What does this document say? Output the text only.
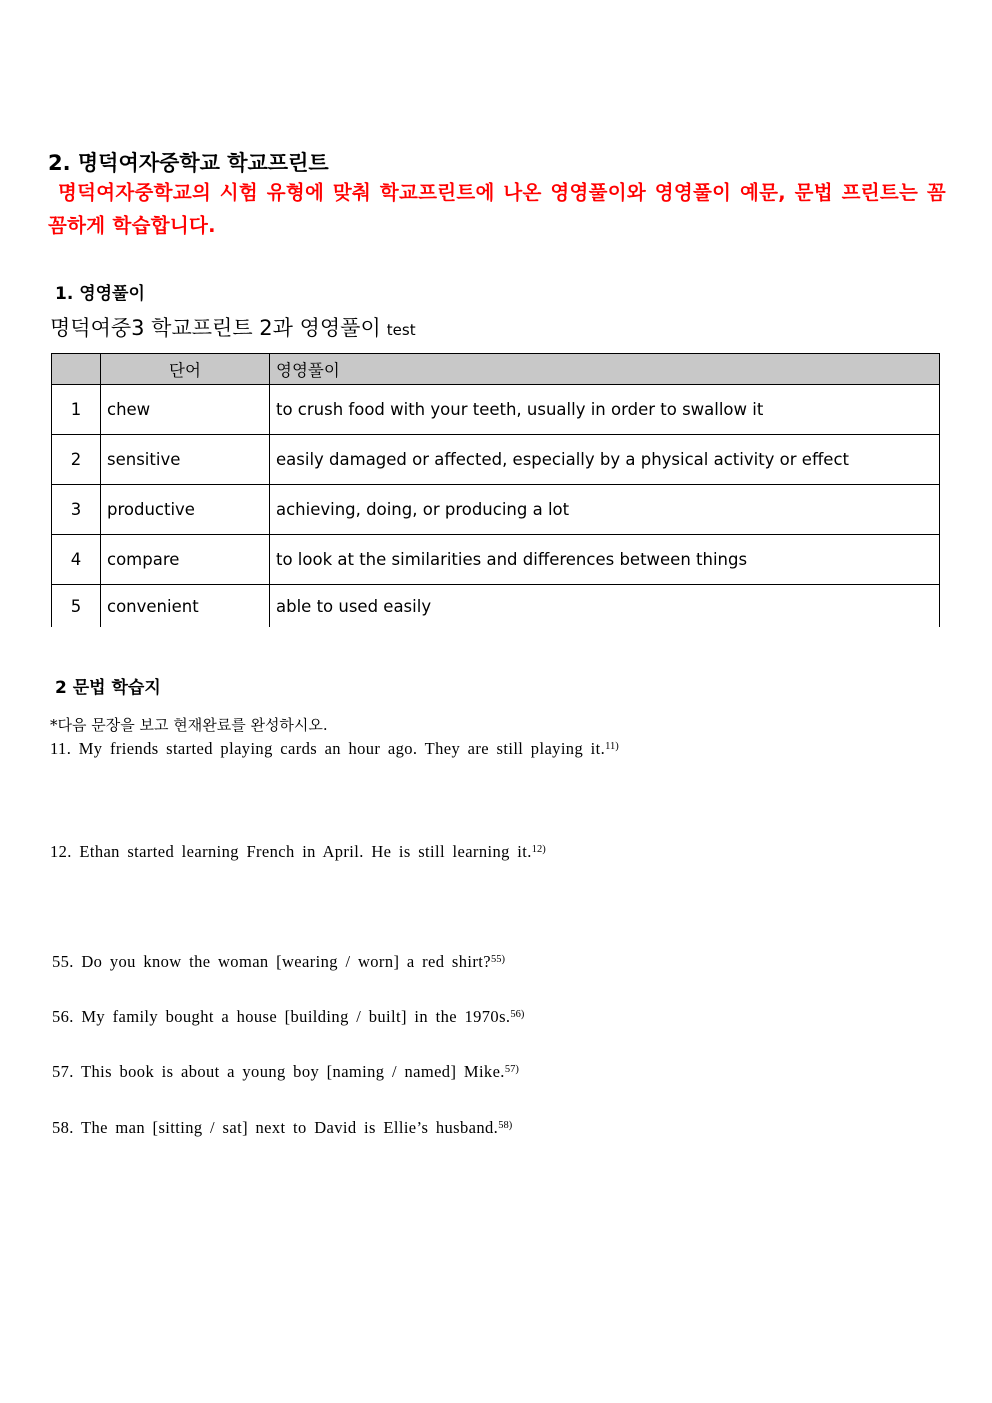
2. 명덕여자중학교 학교프린트
명덕여자중학교의 시험 유형에 맞춰 학교프린트에 나온 영영풀이와 영영풀이 예문, 문법 프린트는 꼼꼼하게 학습합니다.
1. 영영풀이
명덕여중3 학교프린트 2과 영영풀이 test
	단어	영영풀이
1	chew	to crush food with your teeth, usually in order to swallow it
2	sensitive	easily damaged or affected, especially by a physical activity or effect
3	productive	achieving, doing, or producing a lot
4	compare	to look at the similarities and differences between things
5	convenient	able to used easily
2 문법 학습지
*다음 문장을 보고 현재완료를 완성하시오.
11. My friends started playing cards an hour ago. They are still playing it.$^{11)}$
12. Ethan started learning French in April. He is still learning it.$^{12)}$
55. Do you know the woman [wearing / worn] a red shirt?$^{55)}$
56. My family bought a house [building / built] in the 1970s.$^{56)}$
57. This book is about a young boy [naming / named] Mike.$^{57)}$
58. The man [sitting / sat] next to David is Ellie’s husband.$^{58)}$
